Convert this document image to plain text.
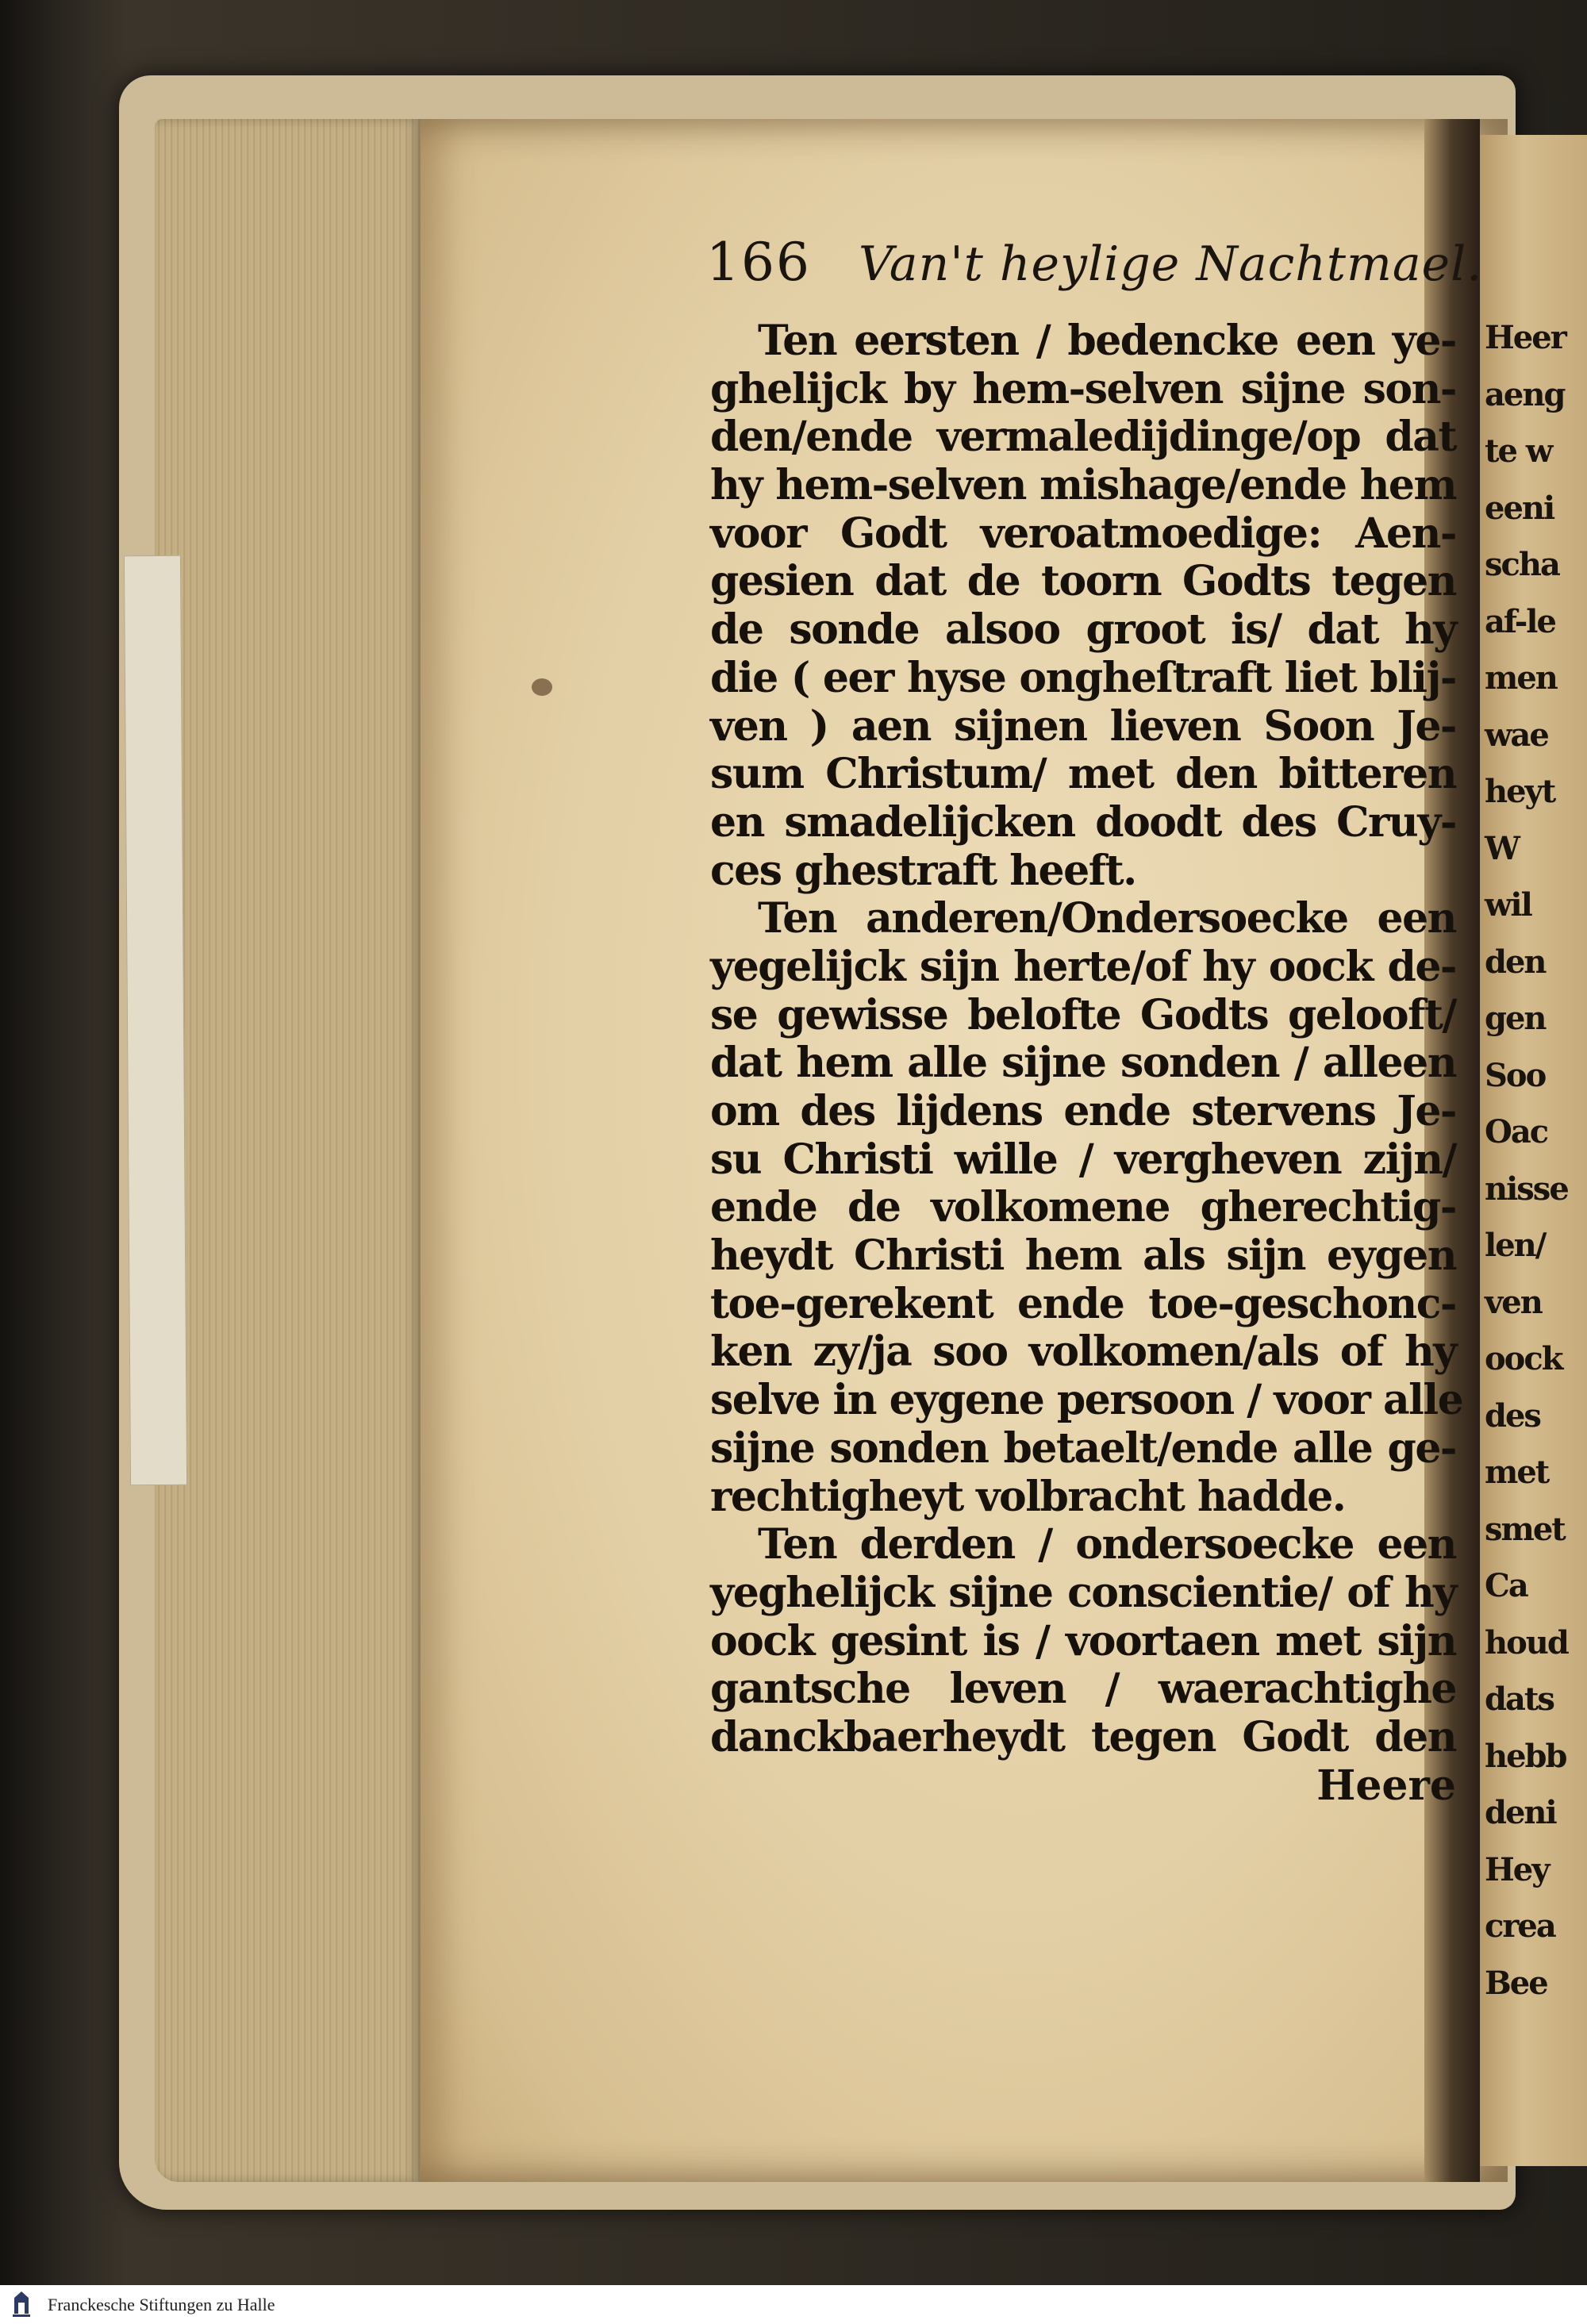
Heer
aeng
te w
eeni
scha
af-le
men
wae
heyt
W
wil
den
gen
Soo
Oac
nisse
len/
ven
oock
des
met
smet
Ca
houd
dats
hebb
deni
Hey
crea
Bee
166 Van't heylige Nachtmael.
Ten eersten / bedencke een ye-
ghelijck by hem-selven sijne son-
den/ende vermaledijdinge/op dat
hy hem-selven mishage/ende hem
voor Godt veroatmoedige: Aen-
gesien dat de toorn Godts tegen
de sonde alsoo groot is/ dat hy
die ( eer hyse ongheſtraft liet blij-
ven ) aen sijnen lieven Soon Je-
sum Christum/ met den bitteren
en smadelijcken doodt des Cruy-
ces ghestraft heeft.
Ten anderen/Ondersoecke een
yegelijck sijn herte/of hy oock de-
se gewisse belofte Godts gelooft/
dat hem alle sijne sonden / alleen
om des lijdens ende stervens Je-
su Christi wille / vergheven zijn/
ende de volkomene gherechtig-
heydt Christi hem als sijn eygen
toe-gerekent ende toe-geschonc-
ken zy/ja soo volkomen/als of hy
selve in eygene persoon / voor alle
sijne sonden betaelt/ende alle ge-
rechtigheyt volbracht hadde.
Ten derden / ondersoecke een
yeghelijck sijne conscientie/ of hy
oock gesint is / voortaen met sijn
gantsche leven / waerachtighe
danckbaerheydt tegen Godt den
Heere
Franckesche Stiftungen zu Halle
